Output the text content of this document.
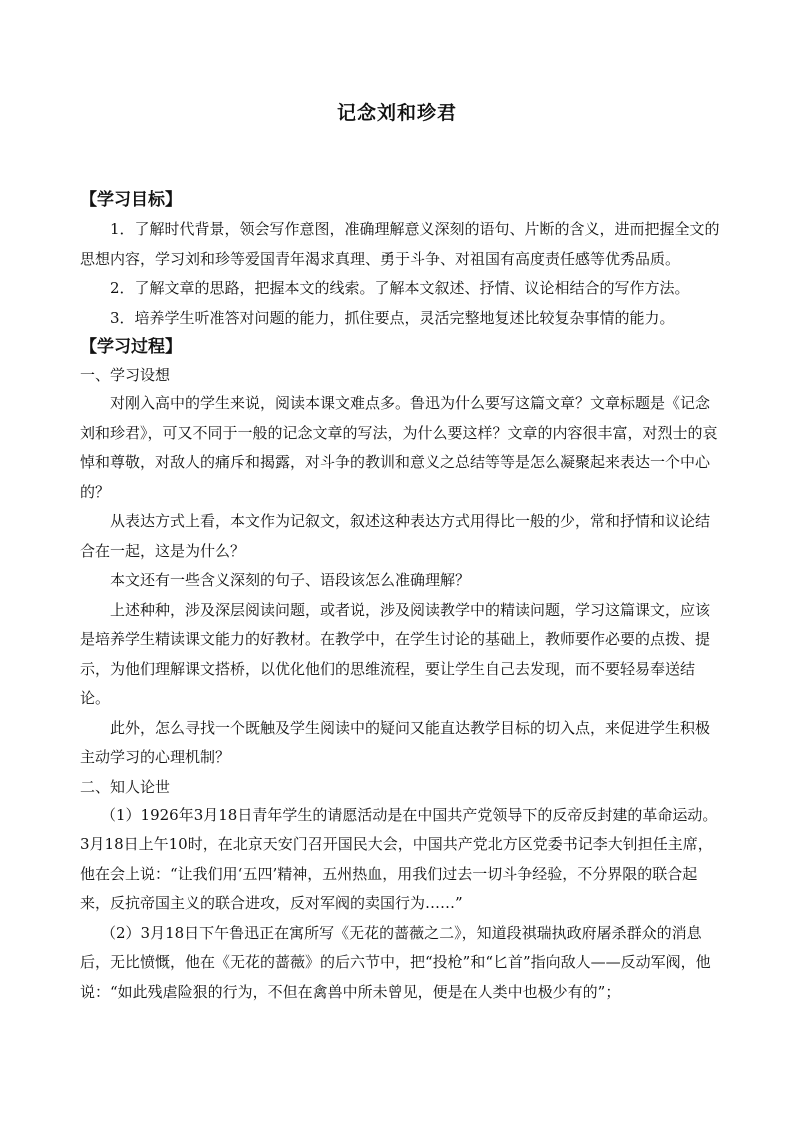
记念刘和珍君
【学习目标】

1．了解时代背景，领会写作意图，准确理解意义深刻的语句、片断的含义，进而把握全文的思想内容，学习刘和珍等爱国青年渴求真理、勇于斗争、对祖国有高度责任感等优秀品质。

2．了解文章的思路，把握本文的线索。了解本文叙述、抒情、议论相结合的写作方法。

3．培养学生听准答对问题的能力，抓住要点，灵活完整地复述比较复杂事情的能力。

【学习过程】
一、学习设想

对刚入高中的学生来说，阅读本课文难点多。鲁迅为什么要写这篇文章？文章标题是《记念刘和珍君》，可又不同于一般的记念文章的写法，为什么要这样？文章的内容很丰富，对烈士的哀悼和尊敬，对敌人的痛斥和揭露，对斗争的教训和意义之总结等等是怎么凝聚起来表达一个中心的？

从表达方式上看，本文作为记叙文，叙述这种表达方式用得比一般的少，常和抒情和议论结合在一起，这是为什么？

本文还有一些含义深刻的句子、语段该怎么准确理解？

上述种种，涉及深层阅读问题，或者说，涉及阅读教学中的精读问题，学习这篇课文，应该是培养学生精读课文能力的好教材。在教学中，在学生讨论的基础上，教师要作必要的点拨、提示，为他们理解课文搭桥，以优化他们的思维流程，要让学生自己去发现，而不要轻易奉送结论。

此外，怎么寻找一个既触及学生阅读中的疑问又能直达教学目标的切入点，来促进学生积极主动学习的心理机制？

二、知人论世

（1）1926年3月18日青年学生的请愿活动是在中国共产党领导下的反帝反封建的革命运动。3月18日上午10时，在北京天安门召开国民大会，中国共产党北方区党委书记李大钊担任主席，他在会上说：“让我们用‘五四’精神，五州热血，用我们过去一切斗争经验，不分界限的联合起来，反抗帝国主义的联合进攻，反对军阀的卖国行为……”

（2）3月18日下午鲁迅正在寓所写《无花的蔷薇之二》，知道段祺瑞执政府屠杀群众的消息后，无比愤慨，他在《无花的蔷薇》的后六节中，把“投枪”和“匕首”指向敌人——反动军阀，他说：“如此残虐险狠的行为，不但在禽兽中所未曾见，便是在人类中也极少有的”；
